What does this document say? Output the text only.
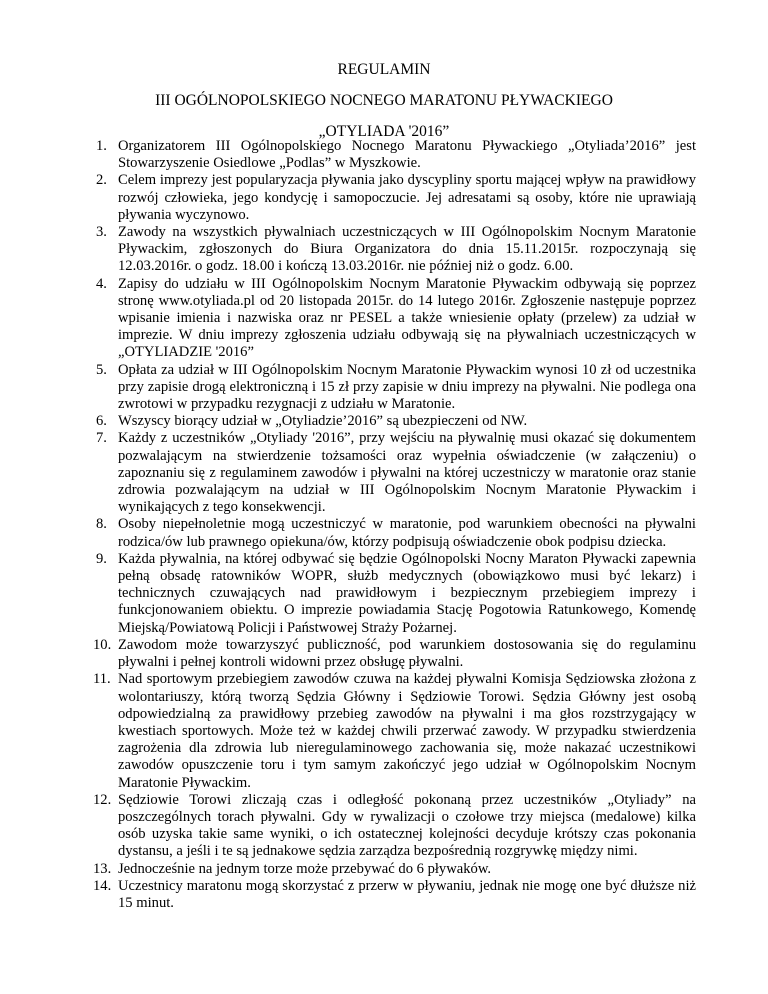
REGULAMIN
III OGÓLNOPOLSKIEGO NOCNEGO MARATONU PŁYWACKIEGO
„OTYLIADA '2016”
1. Organizatorem III Ogólnopolskiego Nocnego Maratonu Pływackiego „Otyliada’2016” jest Stowarzyszenie Osiedlowe „Podlas” w Myszkowie.
2. Celem imprezy jest popularyzacja pływania jako dyscypliny sportu mającej wpływ na prawidłowy rozwój człowieka, jego kondycję i samopoczucie. Jej adresatami są osoby, które nie uprawiają pływania wyczynowo.
3. Zawody na wszystkich pływalniach uczestniczących w III Ogólnopolskim Nocnym Maratonie Pływackim, zgłoszonych do Biura Organizatora do dnia 15.11.2015r. rozpoczynają się 12.03.2016r. o godz. 18.00 i kończą 13.03.2016r. nie później niż o godz. 6.00.
4. Zapisy do udziału w III Ogólnopolskim Nocnym Maratonie Pływackim odbywają się poprzez stronę www.otyliada.pl od 20 listopada 2015r. do 14 lutego 2016r. Zgłoszenie następuje poprzez wpisanie imienia i nazwiska oraz nr PESEL a także wniesienie opłaty (przelew) za udział w imprezie. W dniu imprezy zgłoszenia udziału odbywają się na pływalniach uczestniczących w „OTYLIADZIE '2016”
5. Opłata za udział w III Ogólnopolskim Nocnym Maratonie Pływackim wynosi 10 zł od uczestnika przy zapisie drogą elektroniczną i 15 zł przy zapisie w dniu imprezy na pływalni. Nie podlega ona zwrotowi w przypadku rezygnacji z udziału w Maratonie.
6. Wszyscy biorący udział w „Otyliadzie’2016” są ubezpieczeni od NW.
7. Każdy z uczestników „Otyliady '2016”, przy wejściu na pływalnię musi okazać się dokumentem pozwalającym na stwierdzenie tożsamości oraz wypełnia oświadczenie (w załączeniu) o zapoznaniu się z regulaminem zawodów i pływalni na której uczestniczy w maratonie oraz stanie zdrowia pozwalającym na udział w III Ogólnopolskim Nocnym Maratonie Pływackim i wynikających z tego konsekwencji.
8. Osoby niepełnoletnie mogą uczestniczyć w maratonie, pod warunkiem obecności na pływalni rodzica/ów lub prawnego opiekuna/ów, którzy podpisują oświadczenie obok podpisu dziecka.
9. Każda pływalnia, na której odbywać się będzie Ogólnopolski Nocny Maraton Pływacki zapewnia pełną obsadę ratowników WOPR, służb medycznych (obowiązkowo musi być lekarz) i technicznych czuwających nad prawidłowym i bezpiecznym przebiegiem imprezy i funkcjonowaniem obiektu. O imprezie powiadamia Stację Pogotowia Ratunkowego, Komendę Miejską/Powiatową Policji i Państwowej Straży Pożarnej.
10. Zawodom może towarzyszyć publiczność, pod warunkiem dostosowania się do regulaminu pływalni i pełnej kontroli widowni przez obsługę pływalni.
11. Nad sportowym przebiegiem zawodów czuwa na każdej pływalni Komisja Sędziowska złożona z wolontariuszy, którą tworzą Sędzia Główny i Sędziowie Torowi. Sędzia Główny jest osobą odpowiedzialną za prawidłowy przebieg zawodów na pływalni i ma głos rozstrzygający w kwestiach sportowych. Może też w każdej chwili przerwać zawody. W przypadku stwierdzenia zagrożenia dla zdrowia lub nieregulaminowego zachowania się, może nakazać uczestnikowi zawodów opuszczenie toru i tym samym zakończyć jego udział w Ogólnopolskim Nocnym Maratonie Pływackim.
12. Sędziowie Torowi zliczają czas i odległość pokonaną przez uczestników „Otyliady” na poszczególnych torach pływalni. Gdy w rywalizacji o czołowe trzy miejsca (medalowe) kilka osób uzyska takie same wyniki, o ich ostatecznej kolejności decyduje krótszy czas pokonania dystansu, a jeśli i te są jednakowe sędzia zarządza bezpośrednią rozgrywkę między nimi.
13. Jednocześnie na jednym torze może przebywać do 6 pływaków.
14. Uczestnicy maratonu mogą skorzystać z przerw w pływaniu, jednak nie mogę one być dłuższe niż 15 minut.
